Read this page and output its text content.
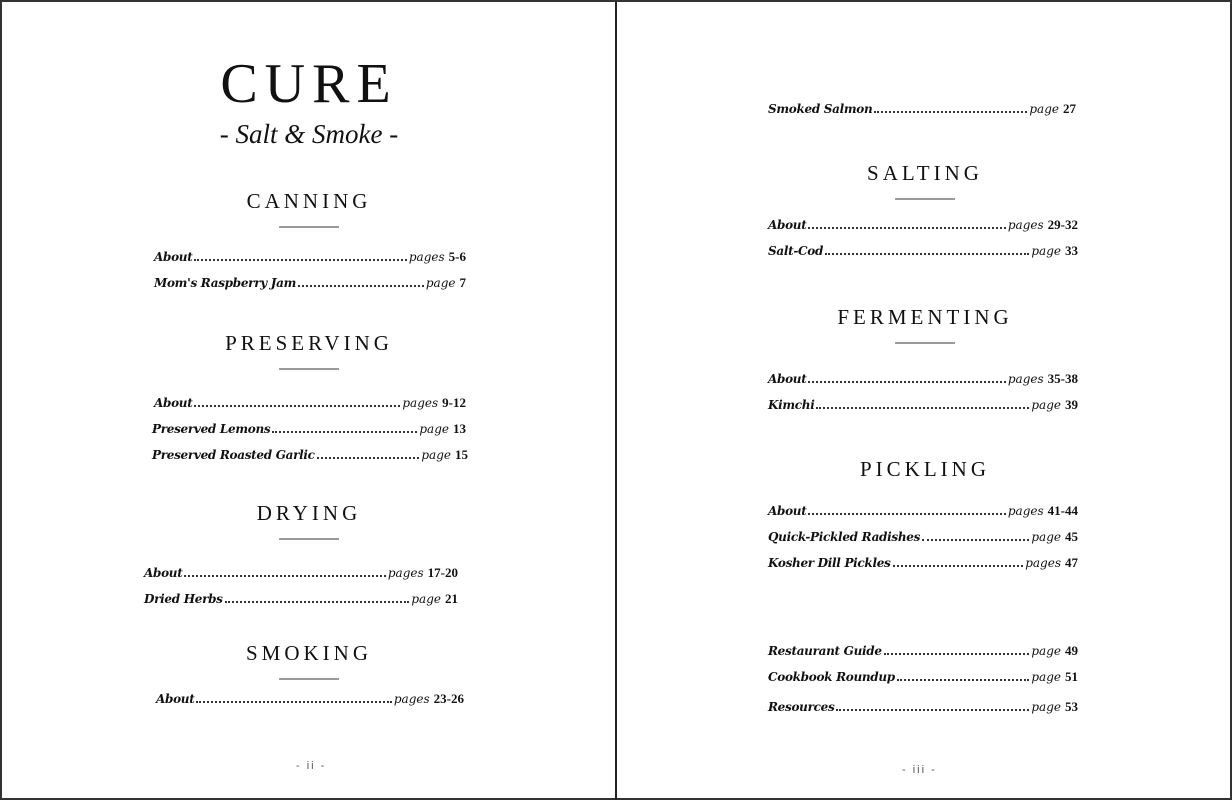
CURE
- Salt & Smoke -
CANNING
About	pages 5-6
Mom's Raspberry Jam	page 7
PRESERVING
About	pages 9-12
Preserved Lemons	page 13
Preserved Roasted Garlic	page 15
DRYING
About	pages 17-20
Dried Herbs	page 21
SMOKING
About	pages 23-26
- ii -
Smoked Salmon	page 27
SALTING
About	pages 29-32
Salt-Cod	page 33
FERMENTING
About	pages 35-38
Kimchi	page 39
PICKLING
About	pages 41-44
Quick-Pickled Radishes	page 45
Kosher Dill Pickles	pages 47
Restaurant Guide	page 49
Cookbook Roundup	page 51
Resources	page 53
- iii -
